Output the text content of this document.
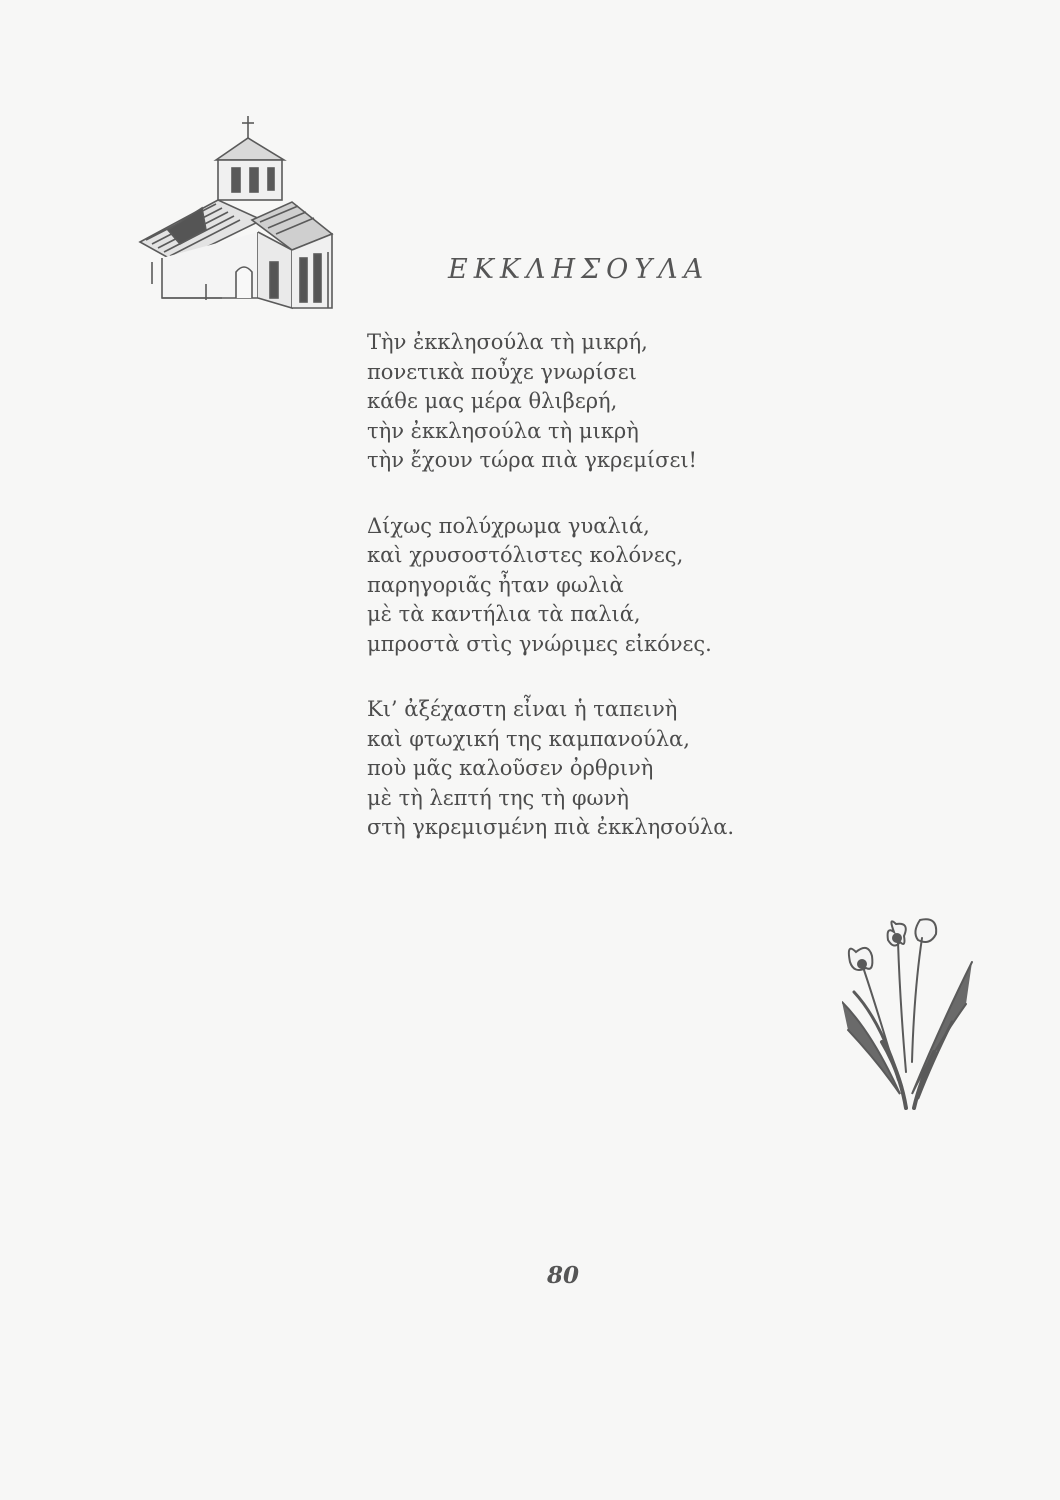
ΕΚΚΛΗΣΟΥΛΑ
Τὴν ἐκκλησούλα τὴ μικρή,
πονετικὰ ποὖχε γνωρίσει
κάθε μας μέρα θλιβερή,
τὴν ἐκκλησούλα τὴ μικρὴ
τὴν ἔχουν τώρα πιὰ γκρεμίσει!
Δίχως πολύχρωμα γυαλιά,
καὶ χρυσοστόλιστες κολόνες,
παρηγοριᾶς ἦταν φωλιὰ
μὲ τὰ καντήλια τὰ παλιά,
μπροστὰ στὶς γνώριμες εἰκόνες.
Κι’ ἀξέχαστη εἶναι ἡ ταπεινὴ
καὶ φτωχική της καμπανούλα,
ποὺ μᾶς καλοῦσεν ὀρθρινὴ
μὲ τὴ λεπτή της τὴ φωνὴ
στὴ γκρεμισμένη πιὰ ἐκκλησούλα.
80
